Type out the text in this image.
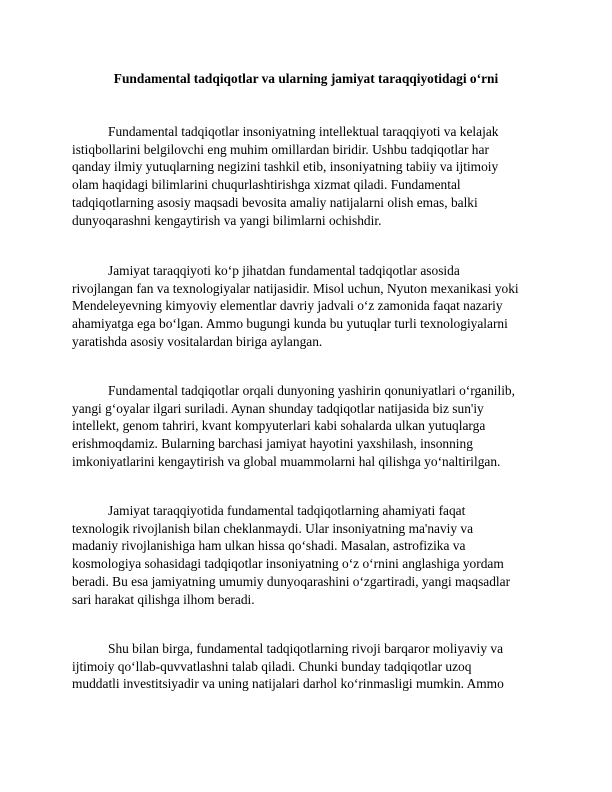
Fundamental tadqiqotlar va ularning jamiyat taraqqiyotidagi o‘rni

Fundamental tadqiqotlar insoniyatning intellektual taraqqiyoti va kelajak
istiqbollarini belgilovchi eng muhim omillardan biridir. Ushbu tadqiqotlar har
qanday ilmiy yutuqlarning negizini tashkil etib, insoniyatning tabiiy va ijtimoiy
olam haqidagi bilimlarini chuqurlashtirishga xizmat qiladi. Fundamental
tadqiqotlarning asosiy maqsadi bevosita amaliy natijalarni olish emas, balki
dunyoqarashni kengaytirish va yangi bilimlarni ochishdir.

Jamiyat taraqqiyoti ko‘p jihatdan fundamental tadqiqotlar asosida
rivojlangan fan va texnologiyalar natijasidir. Misol uchun, Nyuton mexanikasi yoki
Mendeleyevning kimyoviy elementlar davriy jadvali o‘z zamonida faqat nazariy
ahamiyatga ega bo‘lgan. Ammo bugungi kunda bu yutuqlar turli texnologiyalarni
yaratishda asosiy vositalardan biriga aylangan.

Fundamental tadqiqotlar orqali dunyoning yashirin qonuniyatlari o‘rganilib,
yangi g‘oyalar ilgari suriladi. Aynan shunday tadqiqotlar natijasida biz sun'iy
intellekt, genom tahriri, kvant kompyuterlari kabi sohalarda ulkan yutuqlarga
erishmoqdamiz. Bularning barchasi jamiyat hayotini yaxshilash, insonning
imkoniyatlarini kengaytirish va global muammolarni hal qilishga yo‘naltirilgan.

Jamiyat taraqqiyotida fundamental tadqiqotlarning ahamiyati faqat
texnologik rivojlanish bilan cheklanmaydi. Ular insoniyatning ma'naviy va
madaniy rivojlanishiga ham ulkan hissa qo‘shadi. Masalan, astrofizika va
kosmologiya sohasidagi tadqiqotlar insoniyatning o‘z o‘rnini anglashiga yordam
beradi. Bu esa jamiyatning umumiy dunyoqarashini o‘zgartiradi, yangi maqsadlar
sari harakat qilishga ilhom beradi.

Shu bilan birga, fundamental tadqiqotlarning rivoji barqaror moliyaviy va
ijtimoiy qo‘llab-quvvatlashni talab qiladi. Chunki bunday tadqiqotlar uzoq
muddatli investitsiyadir va uning natijalari darhol ko‘rinmasligi mumkin. Ammo
